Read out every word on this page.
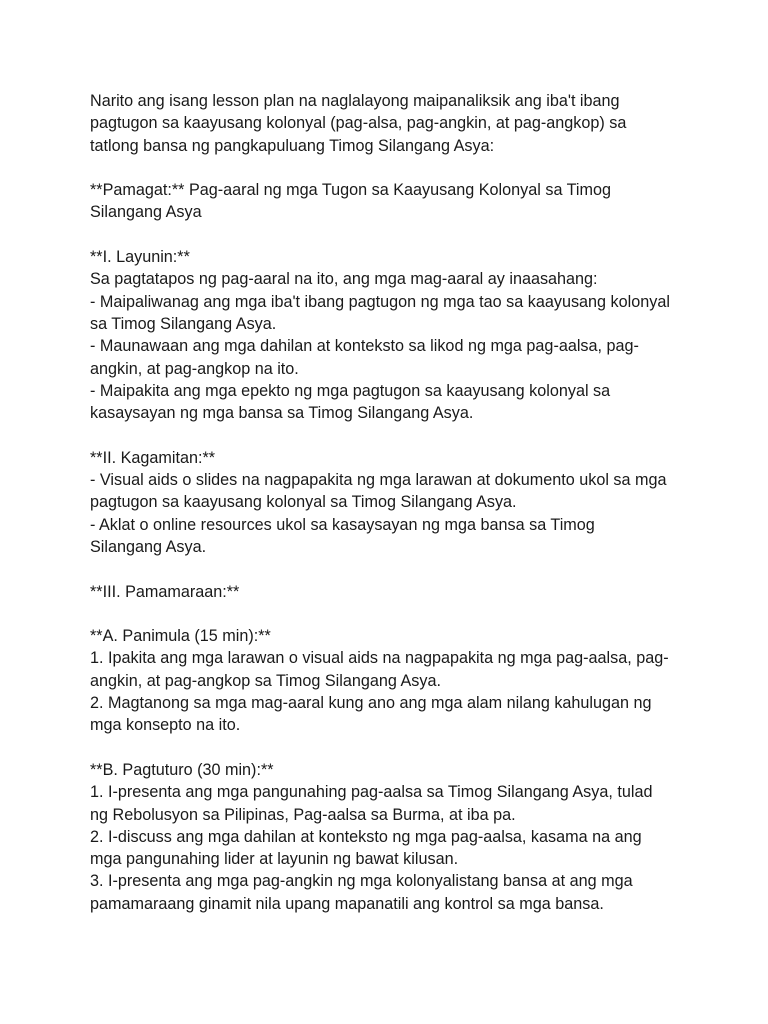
Narito ang isang lesson plan na naglalayong maipanaliksik ang iba't ibang
pagtugon sa kaayusang kolonyal (pag-alsa, pag-angkin, at pag-angkop) sa
tatlong bansa ng pangkapuluang Timog Silangang Asya:
**Pamagat:** Pag-aaral ng mga Tugon sa Kaayusang Kolonyal sa Timog
Silangang Asya
**I. Layunin:**
Sa pagtatapos ng pag-aaral na ito, ang mga mag-aaral ay inaasahang:
- Maipaliwanag ang mga iba't ibang pagtugon ng mga tao sa kaayusang kolonyal
sa Timog Silangang Asya.
- Maunawaan ang mga dahilan at konteksto sa likod ng mga pag-aalsa, pag-
angkin, at pag-angkop na ito.
- Maipakita ang mga epekto ng mga pagtugon sa kaayusang kolonyal sa
kasaysayan ng mga bansa sa Timog Silangang Asya.
**II. Kagamitan:**
- Visual aids o slides na nagpapakita ng mga larawan at dokumento ukol sa mga
pagtugon sa kaayusang kolonyal sa Timog Silangang Asya.
- Aklat o online resources ukol sa kasaysayan ng mga bansa sa Timog
Silangang Asya.
**III. Pamamaraan:**
**A. Panimula (15 min):**
1. Ipakita ang mga larawan o visual aids na nagpapakita ng mga pag-aalsa, pag-
angkin, at pag-angkop sa Timog Silangang Asya.
2. Magtanong sa mga mag-aaral kung ano ang mga alam nilang kahulugan ng
mga konsepto na ito.
**B. Pagtuturo (30 min):**
1. I-presenta ang mga pangunahing pag-aalsa sa Timog Silangang Asya, tulad
ng Rebolusyon sa Pilipinas, Pag-aalsa sa Burma, at iba pa.
2. I-discuss ang mga dahilan at konteksto ng mga pag-aalsa, kasama na ang
mga pangunahing lider at layunin ng bawat kilusan.
3. I-presenta ang mga pag-angkin ng mga kolonyalistang bansa at ang mga
pamamaraang ginamit nila upang mapanatili ang kontrol sa mga bansa.
